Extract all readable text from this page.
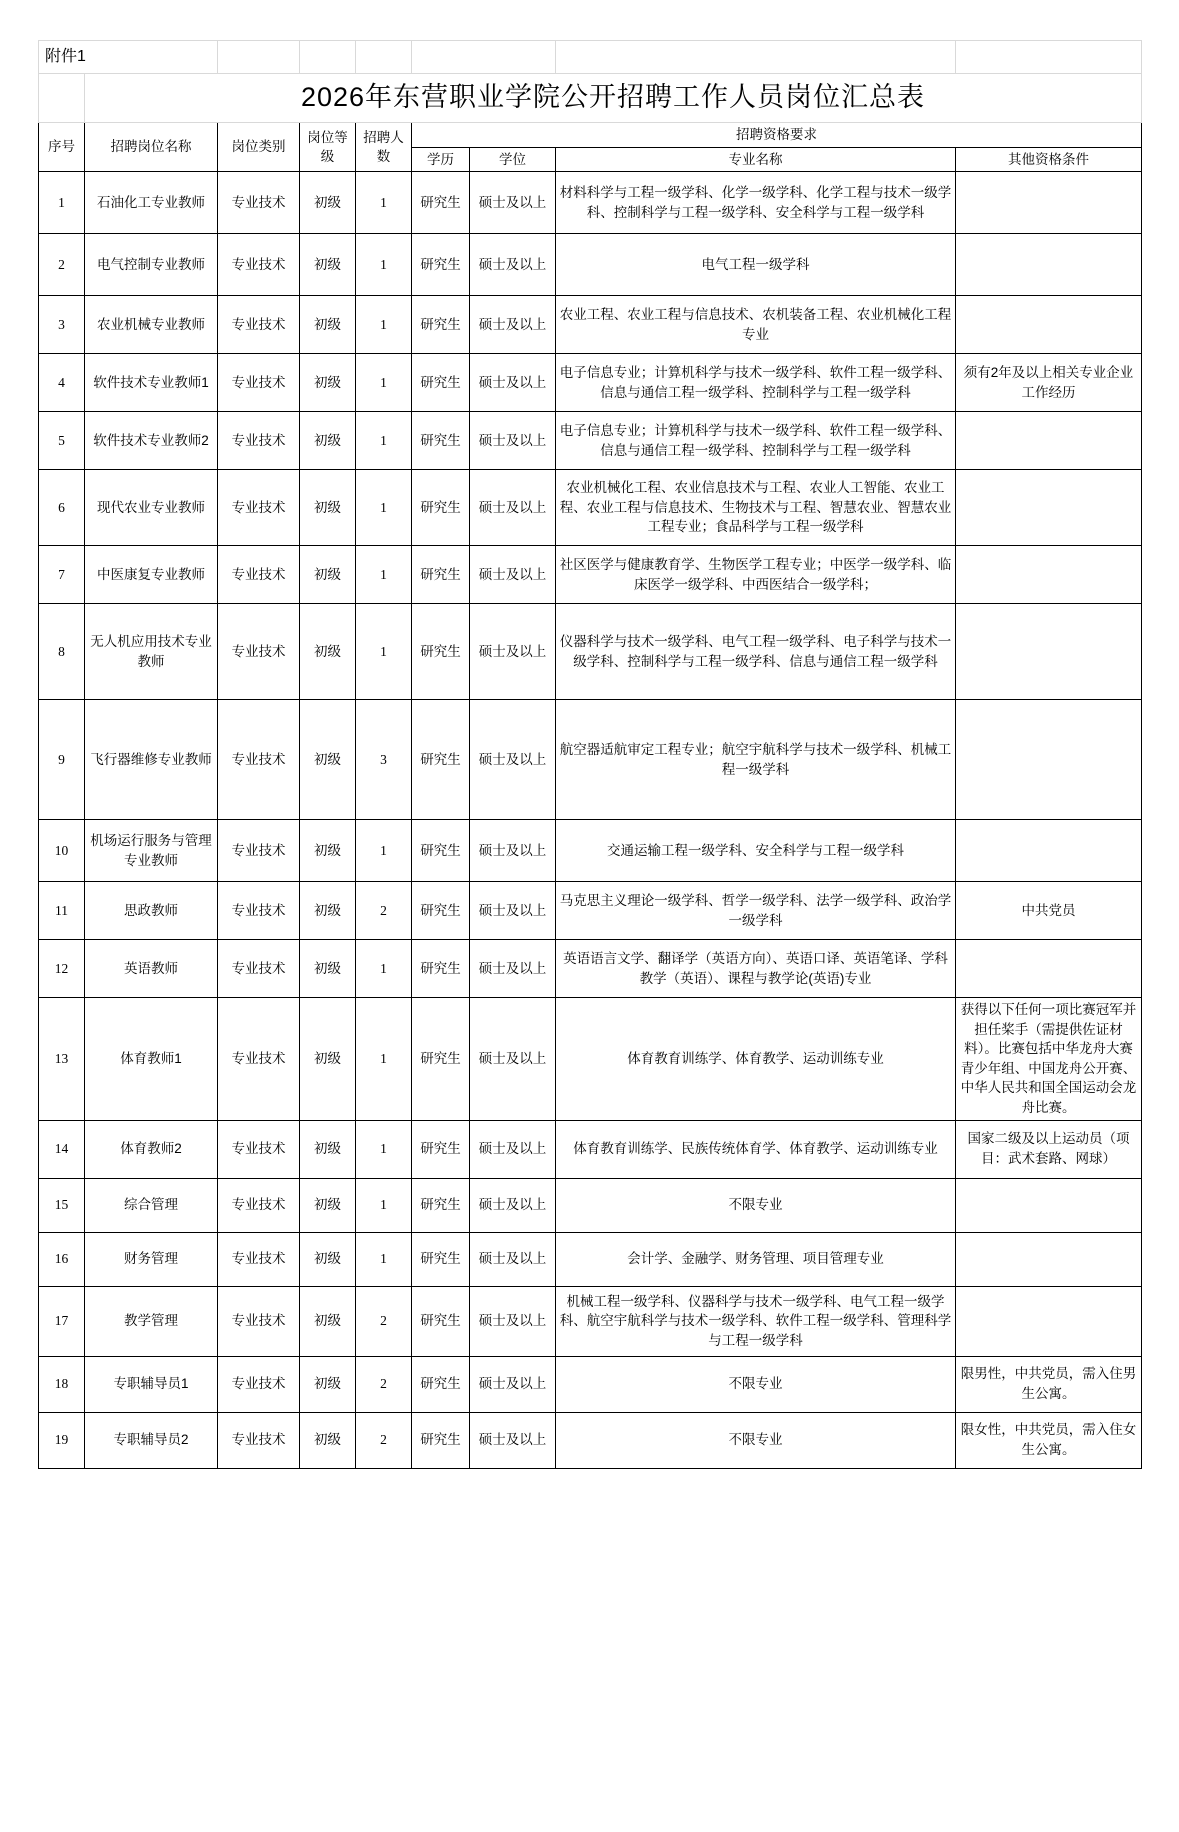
附件1								
	2026年东营职业学院公开招聘工作人员岗位汇总表							
序号	招聘岗位名称	岗位类别	岗位等级	招聘人数	招聘资格要求			
					学历	学位	专业名称	其他资格条件
1	石油化工专业教师	专业技术	初级	1	研究生	硕士及以上	材料科学与工程一级学科、化学一级学科、化学工程与技术一级学科、控制科学与工程一级学科、安全科学与工程一级学科	
2	电气控制专业教师	专业技术	初级	1	研究生	硕士及以上	电气工程一级学科	
3	农业机械专业教师	专业技术	初级	1	研究生	硕士及以上	农业工程、农业工程与信息技术、农机装备工程、农业机械化工程专业	
4	软件技术专业教师1	专业技术	初级	1	研究生	硕士及以上	电子信息专业；计算机科学与技术一级学科、软件工程一级学科、信息与通信工程一级学科、控制科学与工程一级学科	须有2年及以上相关专业企业工作经历
5	软件技术专业教师2	专业技术	初级	1	研究生	硕士及以上	电子信息专业；计算机科学与技术一级学科、软件工程一级学科、信息与通信工程一级学科、控制科学与工程一级学科	
6	现代农业专业教师	专业技术	初级	1	研究生	硕士及以上	农业机械化工程、农业信息技术与工程、农业人工智能、农业工程、农业工程与信息技术、生物技术与工程、智慧农业、智慧农业工程专业；食品科学与工程一级学科	
7	中医康复专业教师	专业技术	初级	1	研究生	硕士及以上	社区医学与健康教育学、生物医学工程专业；中医学一级学科、临床医学一级学科、中西医结合一级学科；	
8	无人机应用技术专业教师	专业技术	初级	1	研究生	硕士及以上	仪器科学与技术一级学科、电气工程一级学科、电子科学与技术一级学科、控制科学与工程一级学科、信息与通信工程一级学科	
9	飞行器维修专业教师	专业技术	初级	3	研究生	硕士及以上	航空器适航审定工程专业；航空宇航科学与技术一级学科、机械工程一级学科	
10	机场运行服务与管理专业教师	专业技术	初级	1	研究生	硕士及以上	交通运输工程一级学科、安全科学与工程一级学科	
11	思政教师	专业技术	初级	2	研究生	硕士及以上	马克思主义理论一级学科、哲学一级学科、法学一级学科、政治学一级学科	中共党员
12	英语教师	专业技术	初级	1	研究生	硕士及以上	英语语言文学、翻译学（英语方向）、英语口译、英语笔译、学科教学（英语）、课程与教学论(英语)专业	
13	体育教师1	专业技术	初级	1	研究生	硕士及以上	体育教育训练学、体育教学、运动训练专业	获得以下任何一项比赛冠军并担任桨手（需提供佐证材料）。比赛包括中华龙舟大赛青少年组、中国龙舟公开赛、中华人民共和国全国运动会龙舟比赛。
14	体育教师2	专业技术	初级	1	研究生	硕士及以上	体育教育训练学、民族传统体育学、体育教学、运动训练专业	国家二级及以上运动员（项目：武术套路、网球）
15	综合管理	专业技术	初级	1	研究生	硕士及以上	不限专业	
16	财务管理	专业技术	初级	1	研究生	硕士及以上	会计学、金融学、财务管理、项目管理专业	
17	教学管理	专业技术	初级	2	研究生	硕士及以上	机械工程一级学科、仪器科学与技术一级学科、电气工程一级学科、航空宇航科学与技术一级学科、软件工程一级学科、管理科学与工程一级学科	
18	专职辅导员1	专业技术	初级	2	研究生	硕士及以上	不限专业	限男性，中共党员，需入住男生公寓。
19	专职辅导员2	专业技术	初级	2	研究生	硕士及以上	不限专业	限女性，中共党员，需入住女生公寓。
